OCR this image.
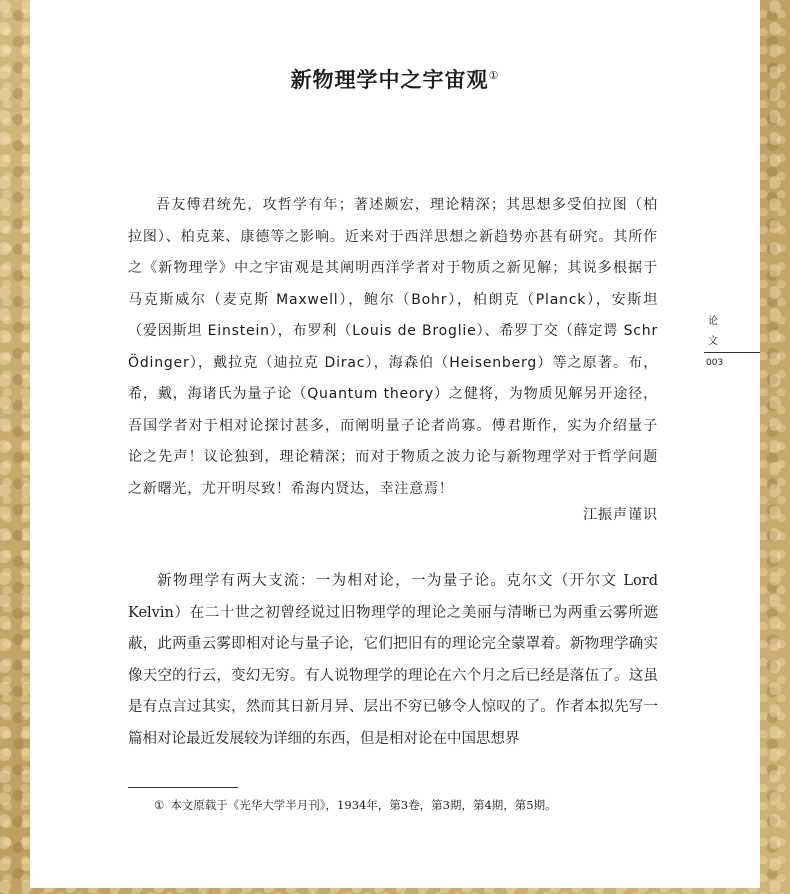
新物理学中之宇宙观①

吾友傅君统先，攻哲学有年；著述颇宏，理论精深；其思想多受伯拉图（柏拉图）、柏克莱、康德等之影响。近来对于西洋思想之新趋势亦甚有研究。其所作之《新物理学》中之宇宙观是其阐明西洋学者对于物质之新见解；其说多根据于马克斯威尔（麦克斯 Maxwell），鲍尔（Bohr），柏朗克（Planck），安斯坦（爱因斯坦 Einstein），布罗利（Louis de Broglie）、希罗丁交（薛定谔 Schr Ödinger），戴拉克（迪拉克 Dirac），海森伯（Heisenberg）等之原著。布，希，戴，海诸氏为量子论（Quantum theory）之健将，为物质见解另开途径，吾国学者对于相对论探讨甚多，而阐明量子论者尚寡。傅君斯作，实为介绍量子论之先声！议论独到，理论精深；而对于物质之波力论与新物理学对于哲学问题之新曙光，尤开明尽致！希海内贤达，幸注意焉！

江振声谨识

新物理学有两大支流：一为相对论，一为量子论。克尔文（开尔文 Lord Kelvin）在二十世之初曾经说过旧物理学的理论之美丽与清晰已为两重云雾所遮蔽，此两重云雾即相对论与量子论，它们把旧有的理论完全蒙罩着。新物理学确实像天空的行云，变幻无穷。有人说物理学的理论在六个月之后已经是落伍了。这虽是有点言过其实，然而其日新月异、层出不穷已够令人惊叹的了。作者本拟先写一篇相对论最近发展较为详细的东西，但是相对论在中国思想界

① 本文原载于《光华大学半月刊》，1934年，第3卷，第3期，第4期，第5期。
论
文
003
